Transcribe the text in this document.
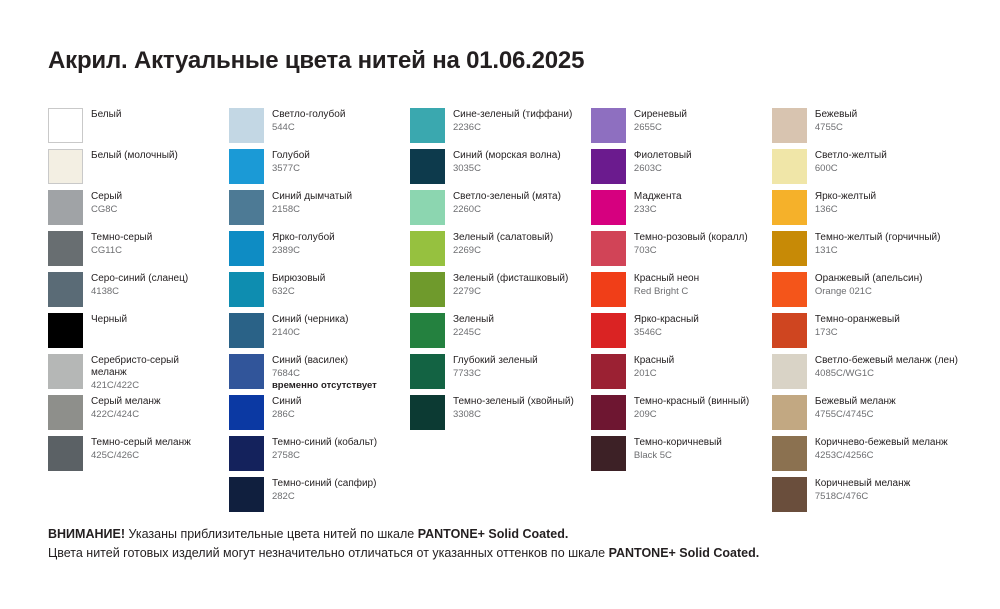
Акрил. Актуальные цвета нитей на 01.06.2025
Белый
Белый (молочный)
Серый
CG8C
Темно-серый
CG11C
Серо-синий (сланец)
4138C
Черный
Серебристо-серый меланж
421C/422C
Серый меланж
422C/424C
Темно-серый меланж
425C/426C
Светло-голубой
544C
Голубой
3577C
Синий дымчатый
2158C
Ярко-голубой
2389C
Бирюзовый
632C
Синий (черника)
2140C
Синий (василек)
7684C
временно отсутствует
Синий
286C
Темно-синий (кобальт)
2758C
Темно-синий (сапфир)
282C
Сине-зеленый (тиффани)
2236C
Синий (морская волна)
3035C
Светло-зеленый (мята)
2260C
Зеленый (салатовый)
2269C
Зеленый (фисташковый)
2279C
Зеленый
2245C
Глубокий зеленый
7733C
Темно-зеленый (хвойный)
3308C
Сиреневый
2655C
Фиолетовый
2603C
Маджента
233C
Темно-розовый (коралл)
703C
Красный неон
Red Bright C
Ярко-красный
3546C
Красный
201C
Темно-красный (винный)
209C
Темно-коричневый
Black 5C
Бежевый
4755C
Светло-желтый
600C
Ярко-желтый
136C
Темно-желтый (горчичный)
131C
Оранжевый (апельсин)
Orange 021C
Темно-оранжевый
173C
Светло-бежевый меланж (лен)
4085C/WG1C
Бежевый меланж
4755C/4745C
Коричнево-бежевый меланж
4253C/4256C
Коричневый меланж
7518C/476C
ВНИМАНИЕ! Указаны приблизительные цвета нитей по шкале PANTONE+ Solid Coated.
Цвета нитей готовых изделий могут незначительно отличаться от указанных оттенков по шкале PANTONE+ Solid Coated.
